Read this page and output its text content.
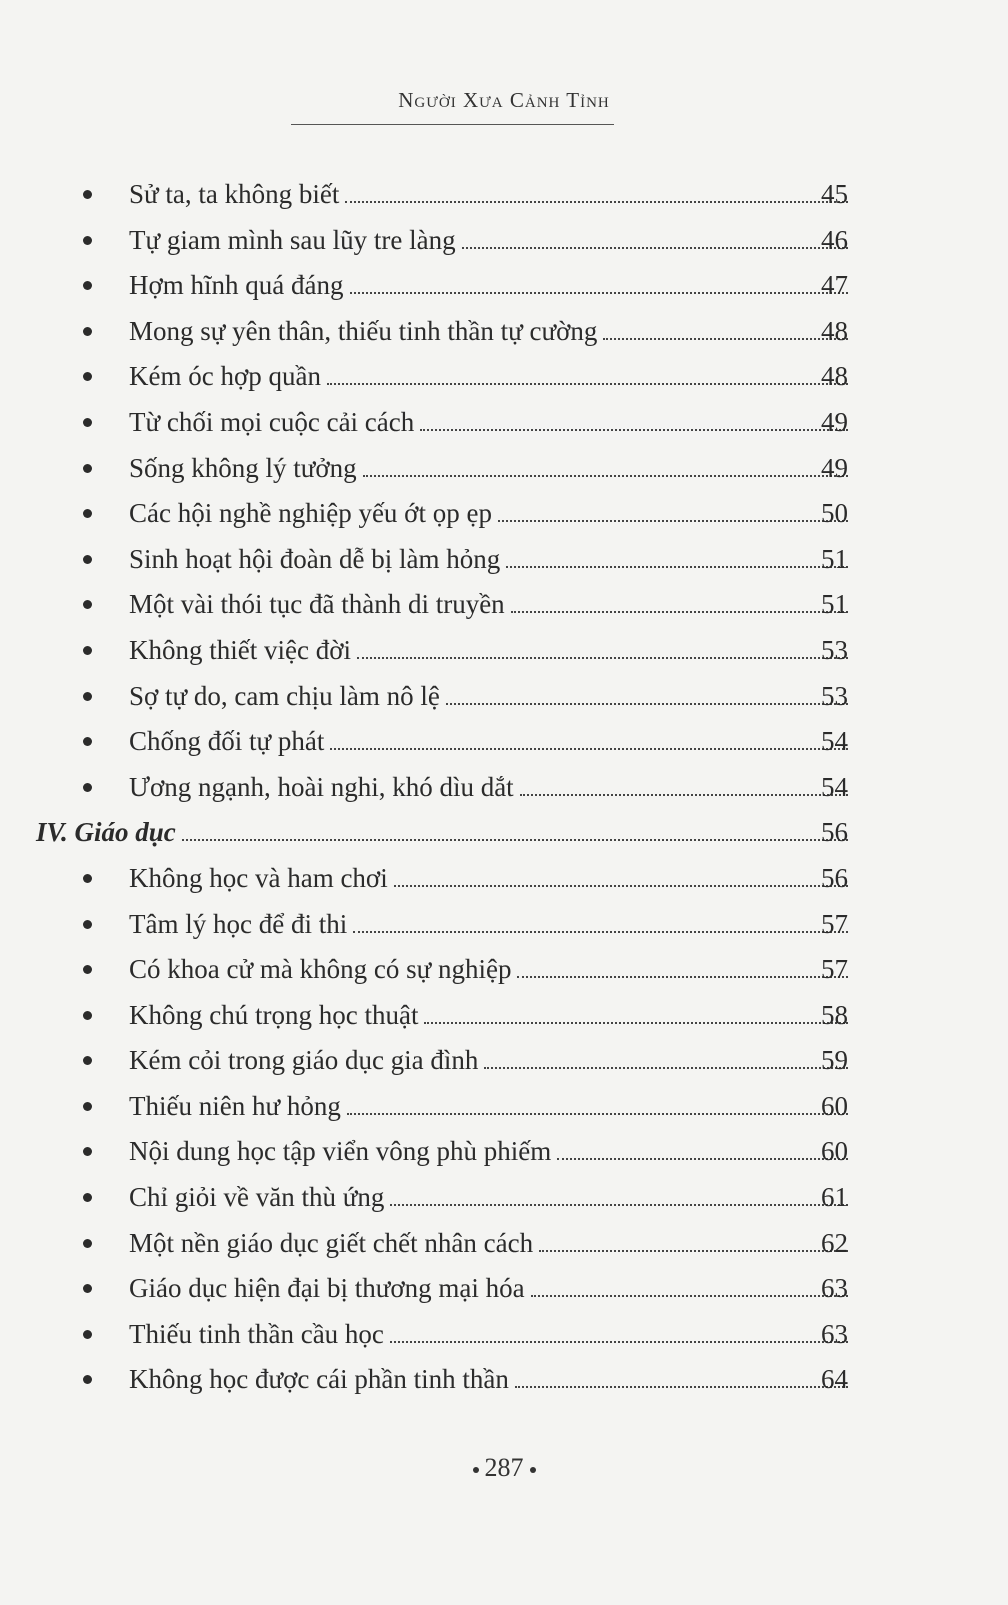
Người Xưa Cảnh Tỉnh
Sử ta, ta không biết	45
Tự giam mình sau lũy tre làng	46
Hợm hĩnh quá đáng	47
Mong sự yên thân, thiếu tinh thần tự cường	48
Kém óc hợp quần	48
Từ chối mọi cuộc cải cách	49
Sống không lý tưởng	49
Các hội nghề nghiệp yếu ớt ọp ẹp	50
Sinh hoạt hội đoàn dễ bị làm hỏng	51
Một vài thói tục đã thành di truyền	51
Không thiết việc đời	53
Sợ tự do, cam chịu làm nô lệ	53
Chống đối tự phát	54
Ương ngạnh, hoài nghi, khó dìu dắt	54
IV. Giáo dục	56
Không học và ham chơi	56
Tâm lý học để đi thi	57
Có khoa cử mà không có sự nghiệp	57
Không chú trọng học thuật	58
Kém cỏi trong giáo dục gia đình	59
Thiếu niên hư hỏng	60
Nội dung học tập viển vông phù phiếm	60
Chỉ giỏi về văn thù ứng	61
Một nền giáo dục giết chết nhân cách	62
Giáo dục hiện đại bị thương mại hóa	63
Thiếu tinh thần cầu học	63
Không học được cái phần tinh thần	64
287
